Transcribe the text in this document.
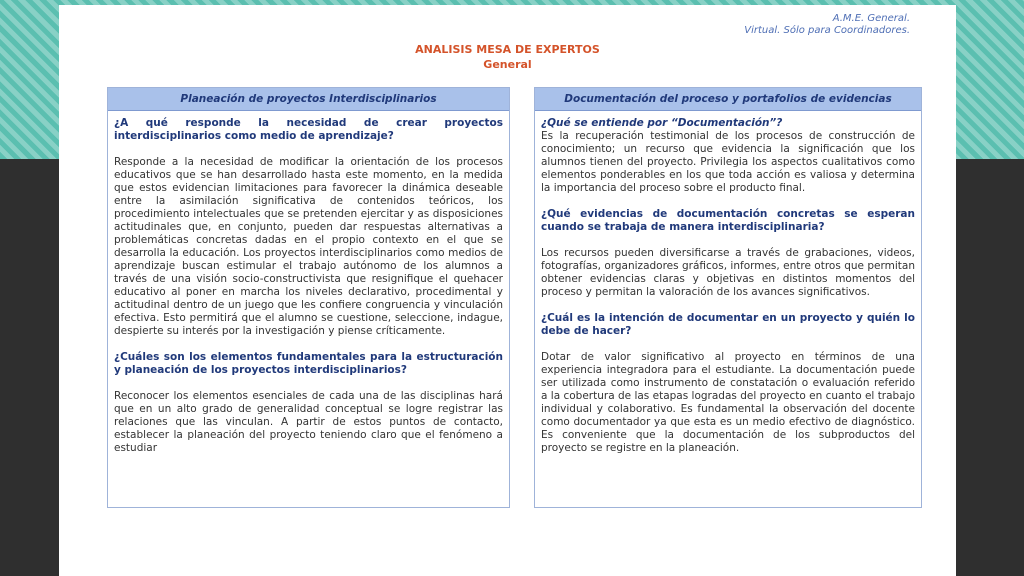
A.M.E. General.
Virtual. Sólo para Coordinadores.
ANALISIS MESA DE EXPERTOS
General
Planeación de proyectos Interdisciplinarios

¿A qué responde la necesidad de crear proyectos interdisciplinarios como medio de aprendizaje?

Responde a la necesidad de modificar la orientación de los procesos educativos que se han desarrollado hasta este momento, en la medida que estos evidencian limitaciones para favorecer la dinámica deseable entre la asimilación significativa de contenidos teóricos, los procedimiento intelectuales que se pretenden ejercitar y as disposiciones actitudinales que, en conjunto, pueden dar respuestas alternativas a problemáticas concretas dadas en el propio contexto en el que se desarrolla la educación. Los proyectos interdisciplinarios como medios de aprendizaje buscan estimular el trabajo autónomo de los alumnos a través de una visión socio-constructivista que resignifique el quehacer educativo al poner en marcha los niveles declarativo, procedimental y actitudinal dentro de un juego que les confiere congruencia y vinculación efectiva. Esto permitirá que el alumno se cuestione, seleccione, indague, despierte su interés por la investigación y piense críticamente.

¿Cuáles son los elementos fundamentales para la estructuración y planeación de los proyectos interdisciplinarios?

Reconocer los elementos esenciales de cada una de las disciplinas hará que en un alto grado de generalidad conceptual se logre registrar las relaciones que las vinculan. A partir de estos puntos de contacto, establecer la planeación del proyecto teniendo claro que el fenómeno a estudiar

Documentación del proceso y portafolios de evidencias

¿Qué se entiende por “Documentación”?

Es la recuperación testimonial de los procesos de construcción de conocimiento; un recurso que evidencia la significación que los alumnos tienen del proyecto. Privilegia los aspectos cualitativos como elementos ponderables en los que toda acción es valiosa y determina la importancia del proceso sobre el producto final.

¿Qué evidencias de documentación concretas se esperan cuando se trabaja de manera interdisciplinaria?

Los recursos pueden diversificarse a través de grabaciones, videos, fotografías, organizadores gráficos, informes, entre otros que permitan obtener evidencias claras y objetivas en distintos momentos del proceso y permitan la valoración de los avances significativos.

¿Cuál es la intención de documentar en un proyecto y quién lo debe de hacer?

Dotar de valor significativo al proyecto en términos de una experiencia integradora para el estudiante. La documentación puede ser utilizada como instrumento de constatación o evaluación referido a la cobertura de las etapas logradas del proyecto en cuanto el trabajo individual y colaborativo. Es fundamental la observación del docente como documentador ya que esta es un medio efectivo de diagnóstico. Es conveniente que la documentación de los subproductos del proyecto se registre en la planeación.
